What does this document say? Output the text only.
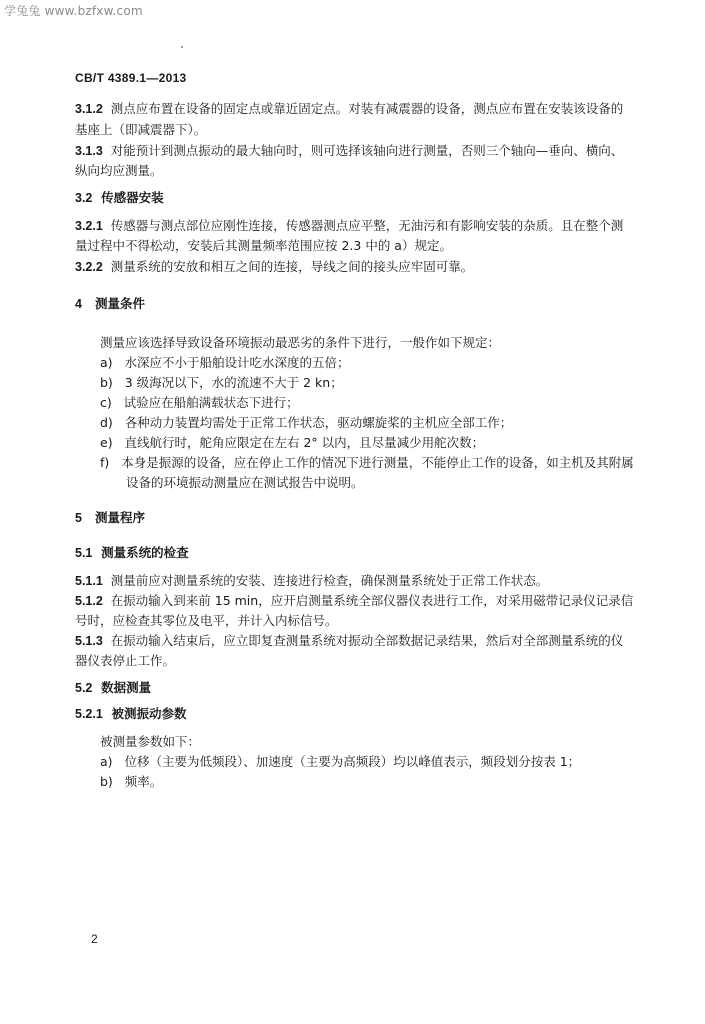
学兔兔 www.bzfxw.com
CB/T 4389.1—2013
3.1.2 测点应布置在设备的固定点或靠近固定点。对装有减震器的设备，测点应布置在安装该设备的
基座上（即减震器下）。
3.1.3 对能预计到测点振动的最大轴向时，则可选择该轴向进行测量，否则三个轴向—垂向、横向、
纵向均应测量。
3.2 传感器安装
3.2.1 传感器与测点部位应刚性连接，传感器测点应平整，无油污和有影响安装的杂质。且在整个测
量过程中不得松动，安装后其测量频率范围应按 2.3 中的 a）规定。
3.2.2 测量系统的安放和相互之间的连接，导线之间的接头应牢固可靠。
4 测量条件
测量应该选择导致设备环境振动最恶劣的条件下进行，一般作如下规定：
a) 水深应不小于船舶设计吃水深度的五倍；
b) 3 级海况以下，水的流速不大于 2 kn；
c) 试验应在船舶满载状态下进行；
d) 各种动力装置均需处于正常工作状态，驱动螺旋桨的主机应全部工作；
e) 直线航行时，舵角应限定在左右 2° 以内，且尽量减少用舵次数；
f) 本身是振源的设备，应在停止工作的情况下进行测量，不能停止工作的设备，如主机及其附属
设备的环境振动测量应在测试报告中说明。
5 测量程序
5.1 测量系统的检查
5.1.1 测量前应对测量系统的安装、连接进行检查，确保测量系统处于正常工作状态。
5.1.2 在振动输入到来前 15 min，应开启测量系统全部仪器仪表进行工作，对采用磁带记录仪记录信
号时，应检查其零位及电平，并计入内标信号。
5.1.3 在振动输入结束后，应立即复查测量系统对振动全部数据记录结果，然后对全部测量系统的仪
器仪表停止工作。
5.2 数据测量
5.2.1 被测振动参数
被测量参数如下：
a) 位移（主要为低频段）、加速度（主要为高频段）均以峰值表示，频段划分按表 1；
b) 频率。
2
